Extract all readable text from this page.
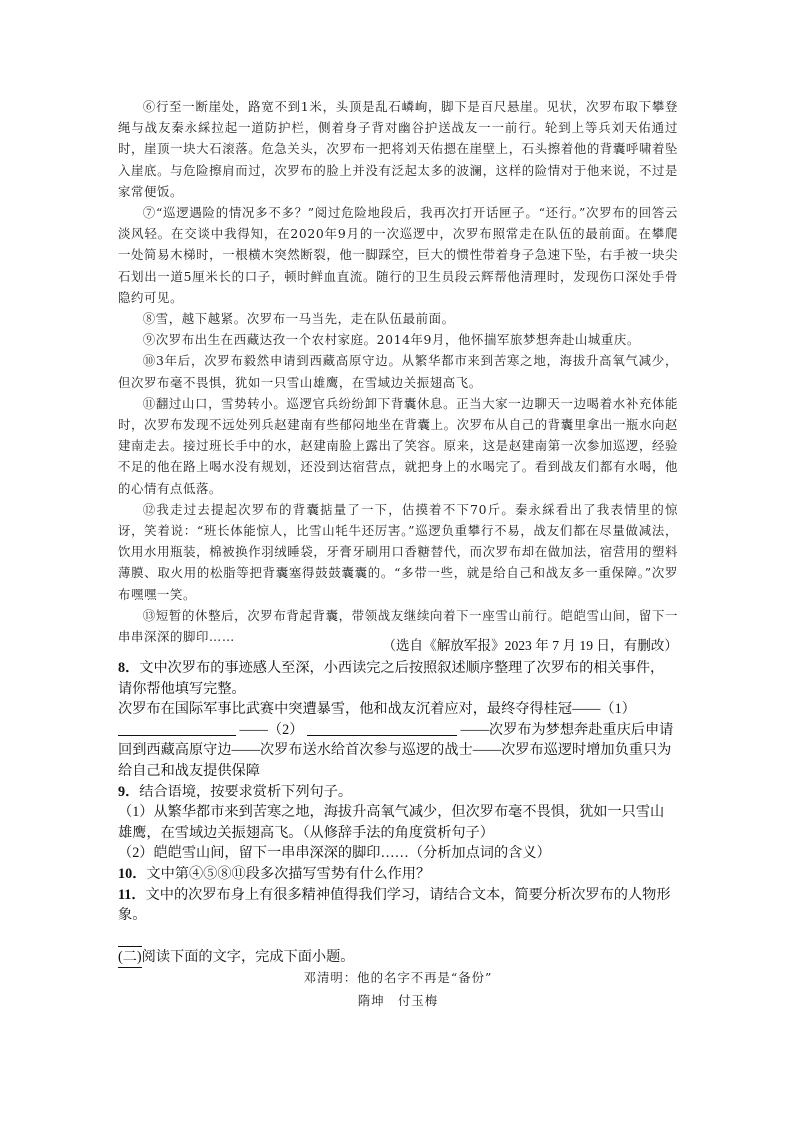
⑥行至一断崖处，路宽不到1米，头顶是乱石嶙峋，脚下是百尺悬崖。见状，次罗布取下攀登绳与战友秦永綵拉起一道防护栏，侧着身子背对幽谷护送战友一一前行。轮到上等兵刘天佑通过时，崖顶一块大石滚落。危急关头，次罗布一把将刘天佑摁在崖壁上，石头擦着他的背囊呼啸着坠入崖底。与危险擦肩而过，次罗布的脸上并没有泛起太多的波澜，这样的险情对于他来说，不过是家常便饭。

⑦“巡逻遇险的情况多不多？”阅过危险地段后，我再次打开话匣子。“还行。”次罗布的回答云淡风轻。在交谈中我得知，在2020年9月的一次巡逻中，次罗布照常走在队伍的最前面。在攀爬一处简易木梯时，一根横木突然断裂，他一脚踩空，巨大的惯性带着身子急速下坠，右手被一块尖石划出一道5厘米长的口子，顿时鲜血直流。随行的卫生员段云辉帮他清理时，发现伤口深处手骨隐约可见。

⑧雪，越下越紧。次罗布一马当先，走在队伍最前面。

⑨次罗布出生在西藏达孜一个农村家庭。2014年9月，他怀揣军旅梦想奔赴山城重庆。

⑩3年后，次罗布毅然申请到西藏高原守边。从繁华都市来到苦寒之地，海拔升高氧气减少，但次罗布毫不畏惧，犹如一只雪山雄鹰，在雪域边关振翅高飞。

⑪翻过山口，雪势转小。巡逻官兵纷纷卸下背囊休息。正当大家一边聊天一边喝着水补充体能时，次罗布发现不远处列兵赵建南有些郁闷地坐在背囊上。次罗布从自己的背囊里拿出一瓶水向赵建南走去。接过班长手中的水，赵建南脸上露出了笑容。原来，这是赵建南第一次参加巡逻，经验不足的他在路上喝水没有规划，还没到达宿营点，就把身上的水喝完了。看到战友们都有水喝，他的心情有点低落。

⑫我走过去提起次罗布的背囊掂量了一下，估摸着不下70斤。秦永綵看出了我表情里的惊讶，笑着说：“班长体能惊人，比雪山牦牛还厉害。”巡逻负重攀行不易，战友们都在尽量做减法，饮用水用瓶装，棉被换作羽绒睡袋，牙膏牙刷用口香糖替代，而次罗布却在做加法，宿营用的塑料薄膜、取火用的松脂等把背囊塞得鼓鼓囊囊的。“多带一些，就是给自己和战友多一重保障。”次罗布嘿嘿一笑。

⑬短暂的休整后，次罗布背起背囊，带领战友继续向着下一座雪山前行。皑皑雪山间，留下一串串深深的脚印……

（选自《解放军报》2023 年 7 月 19 日，有删改）

8．文中次罗布的事迹感人至深，小西读完之后按照叙述顺序整理了次罗布的相关事件，请你帮他填写完整。

次罗布在国际军事比武赛中突遭暴雪，他和战友沉着应对，最终夺得桂冠——（1）
——（2）	——次罗布为梦想奔赴重庆后申请回到西藏高原守边——次罗布送水给首次参与巡逻的战士——次罗布巡逻时增加负重只为给自己和战友提供保障

9．结合语境，按要求赏析下列句子。

（1）从繁华都市来到苦寒之地，海拔升高氧气减少，但次罗布毫不畏惧，犹如一只雪山雄鹰，在雪域边关振翅高飞。（从修辞手法的角度赏析句子）

（2）皑皑雪山间，留下一串串深深的脚印……（分析加点词的含义）

10．文中第④⑤⑧⑪段多次描写雪势有什么作用？

11．文中的次罗布身上有很多精神值得我们学习，请结合文本，简要分析次罗布的人物形象。

(二)阅读下面的文字，完成下面小题。
邓清明：他的名字不再是“备份”
隋坤　付玉梅
